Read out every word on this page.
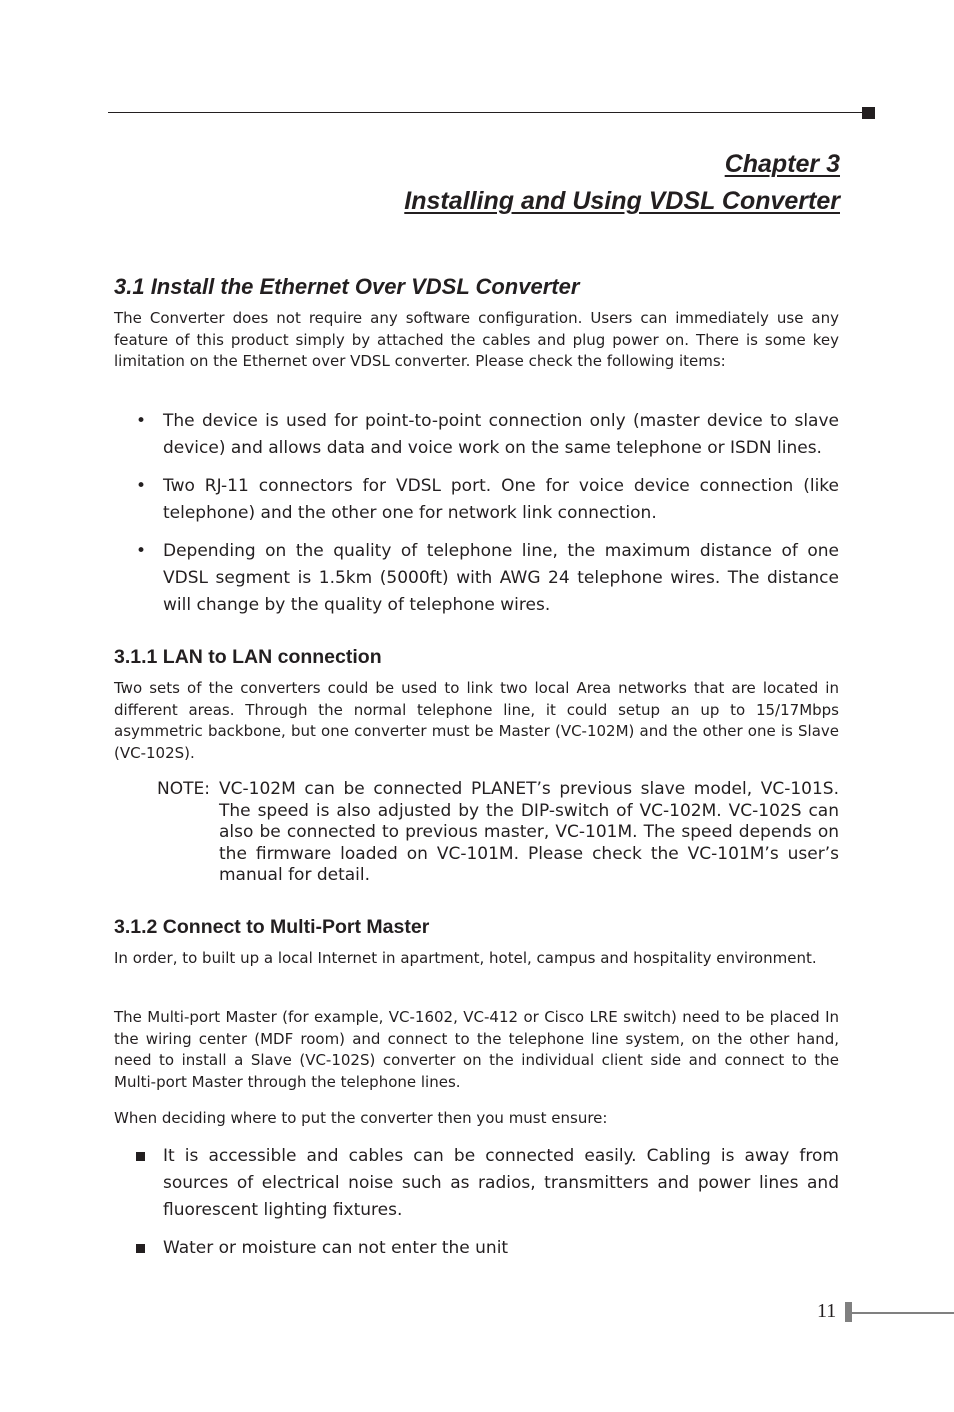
Chapter 3
Installing and Using VDSL Converter
3.1 Install the Ethernet Over VDSL Converter

The Converter does not require any software configuration. Users can immediately use any feature of this product simply by attached the cables and plug power on. There is some key limitation on the Ethernet over VDSL converter. Please check the following items:

• The device is used for point-to-point connection only (master device to slave device) and allows data and voice work on the same telephone or ISDN lines.
• Two RJ-11 connectors for VDSL port. One for voice device connection (like telephone) and the other one for network link connection.
• Depending on the quality of telephone line, the maximum distance of one VDSL segment is 1.5km (5000ft) with AWG 24 telephone wires. The distance will change by the quality of telephone wires.
3.1.1 LAN to LAN connection

Two sets of the converters could be used to link two local Area networks that are located in different areas. Through the normal telephone line, it could setup an up to 15/17Mbps asymmetric backbone, but one converter must be Master (VC-102M) and the other one is Slave (VC-102S).

NOTE: VC-102M can be connected PLANET’s previous slave model, VC-101S. The speed is also adjusted by the DIP-switch of VC-102M. VC-102S can also be connected to previous master, VC-101M. The speed depends on the firmware loaded on VC-101M. Please check the VC-101M’s user’s manual for detail.
3.1.2 Connect to Multi-Port Master

In order, to built up a local Internet in apartment, hotel, campus and hospitality environment.

The Multi-port Master (for example, VC-1602, VC-412 or Cisco LRE switch) need to be placed In the wiring center (MDF room) and connect to the telephone line system, on the other hand, need to install a Slave (VC-102S) converter on the individual client side and connect to the Multi-port Master through the telephone lines.

When deciding where to put the converter then you must ensure:

It is accessible and cables can be connected easily. Cabling is away from sources of electrical noise such as radios, transmitters and power lines and fluorescent lighting fixtures.
Water or moisture can not enter the unit
11
